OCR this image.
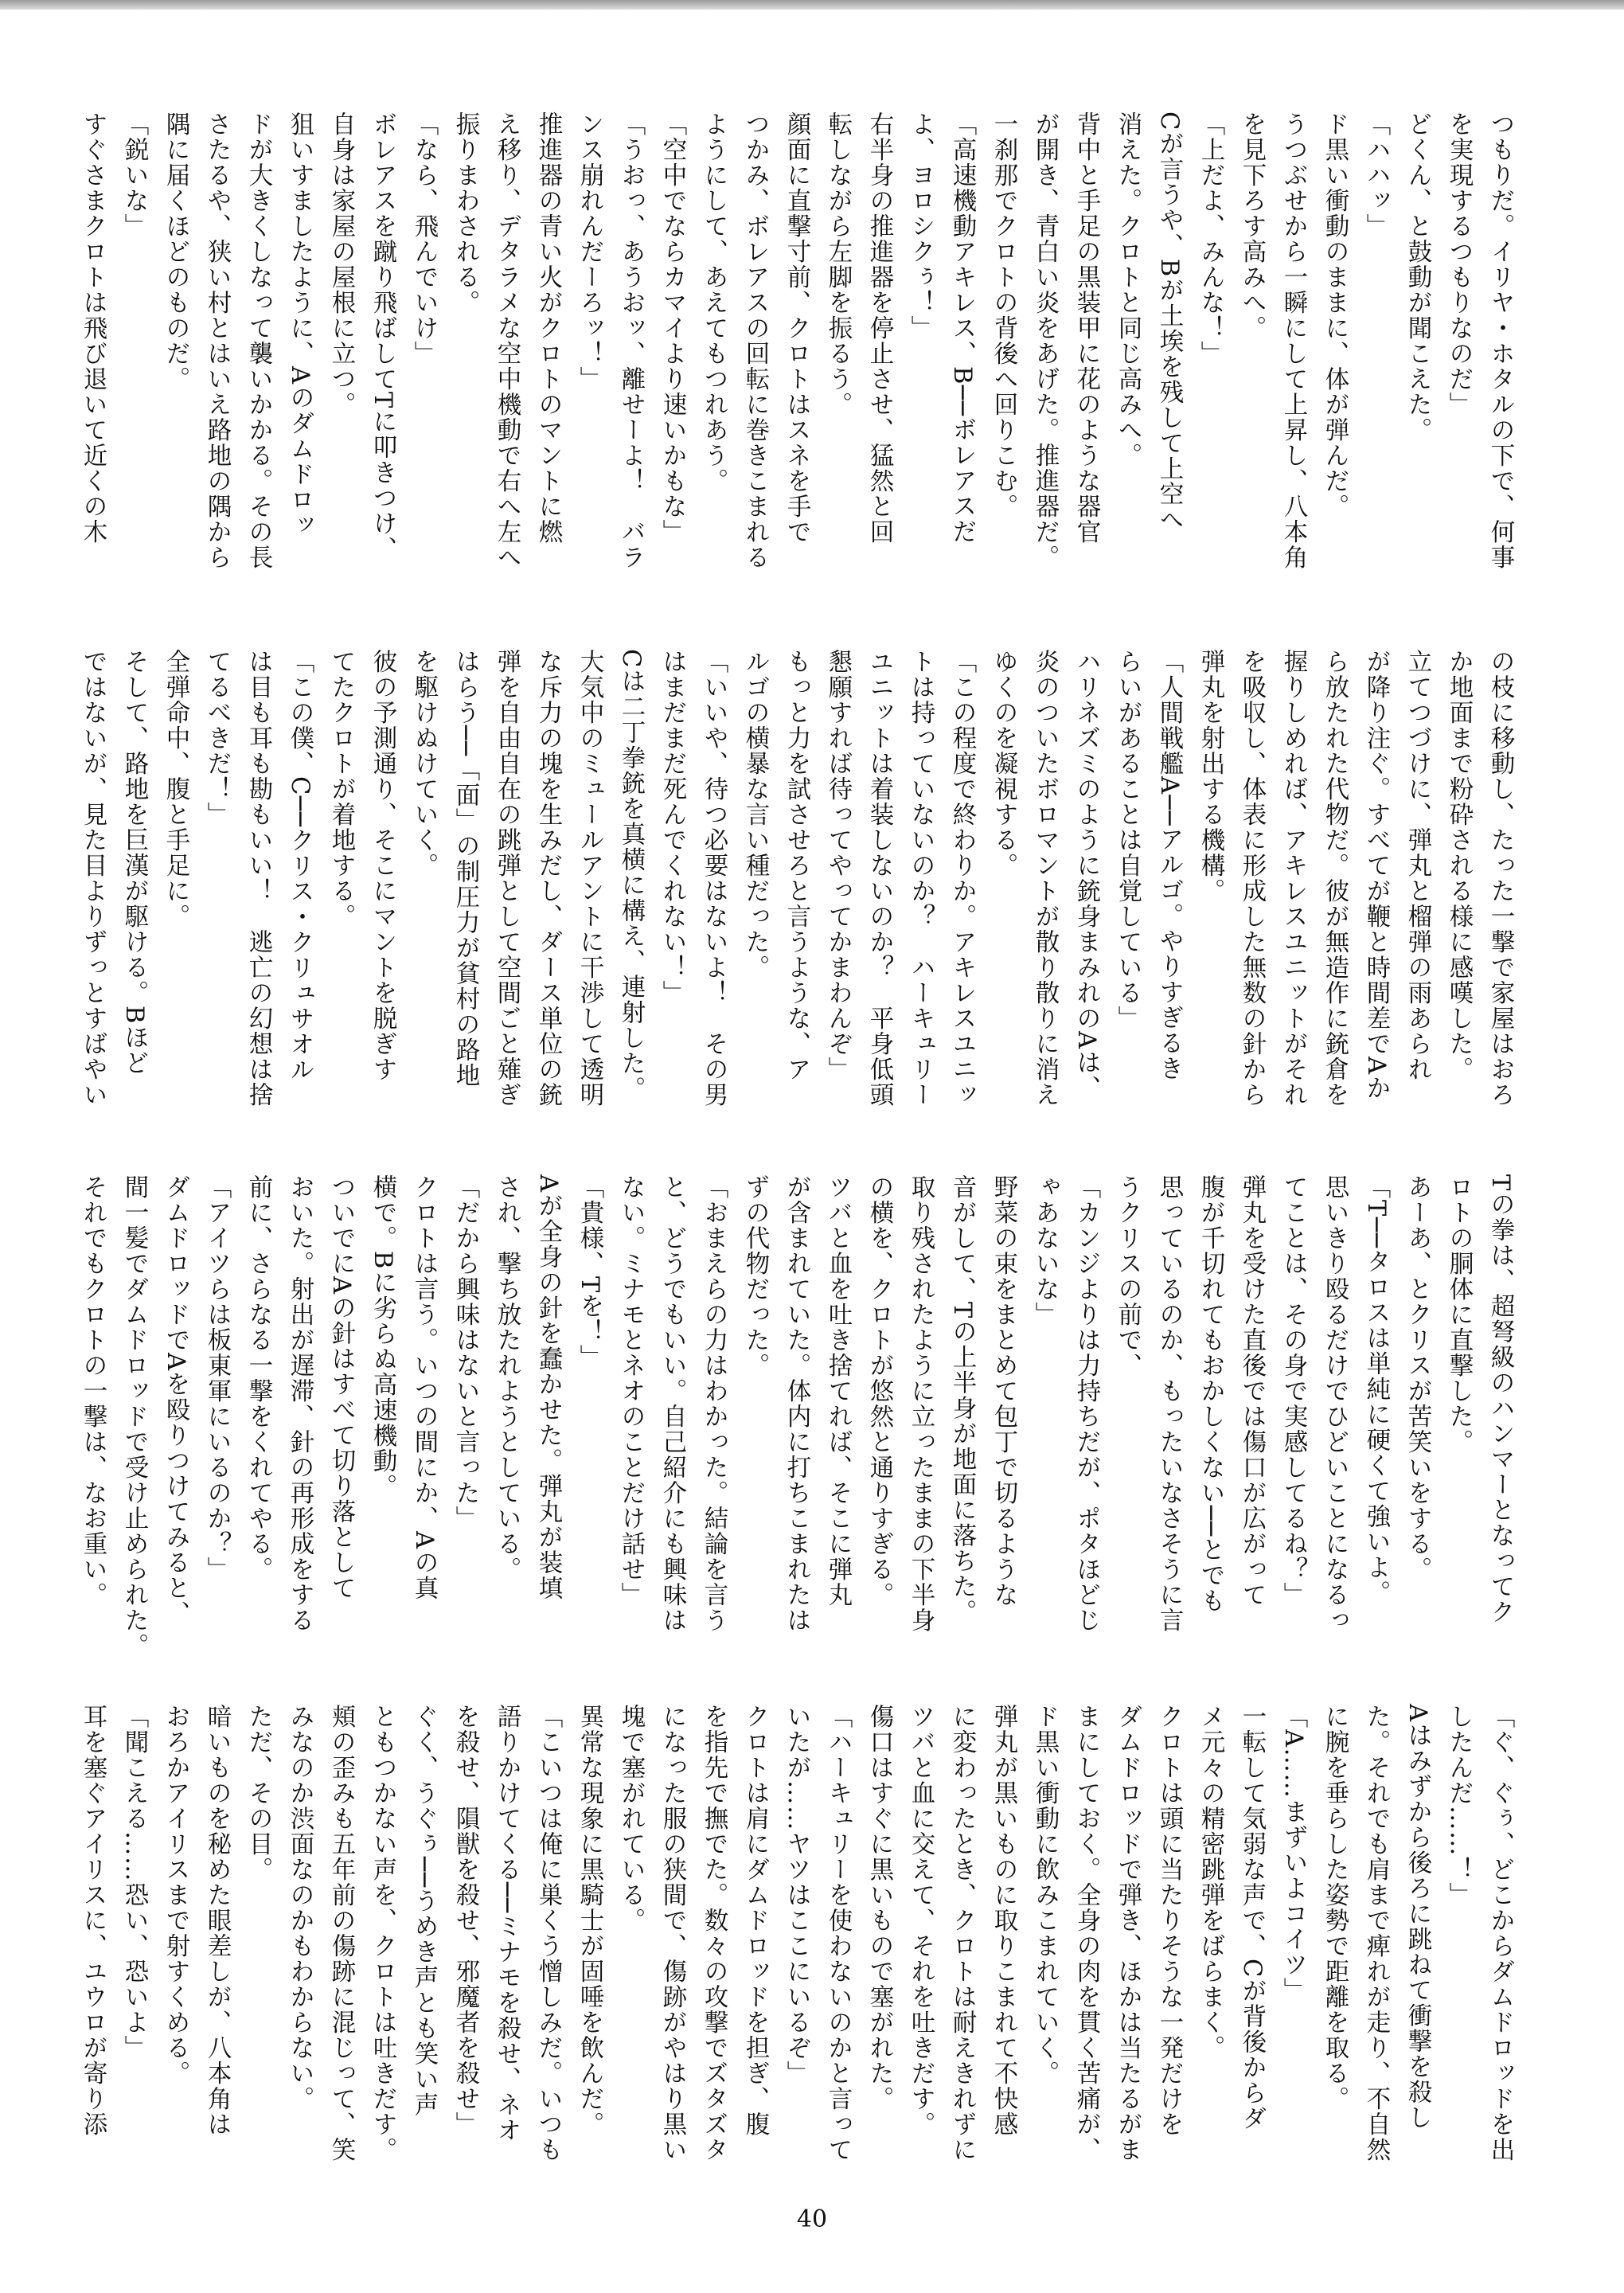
つもりだ。イリヤ・ホタルの下で、何事
を実現するつもりなのだ」
どくん、と鼓動が聞こえた。
「ハハッ」
ド黒い衝動のままに、体が弾んだ。
うつぶせから一瞬にして上昇し、八本角
を見下ろす高みへ。
「上だよ、みんな！」
Cが言うや、Bが土埃を残して上空へ
消えた。クロトと同じ高みへ。
背中と手足の黒装甲に花のような器官
が開き、青白い炎をあげた。推進器だ。
一刹那でクロトの背後へ回りこむ。
「高速機動アキレス、B──ボレアスだ
よ、ヨロシクぅ！」
右半身の推進器を停止させ、猛然と回
転しながら左脚を振るう。
顔面に直撃寸前、クロトはスネを手で
つかみ、ボレアスの回転に巻きこまれる
ようにして、あえてもつれあう。
「空中でならカマイより速いかもな」
「うおっ、あうおッ、離せーよ！　バラ
ンス崩れんだーろッ！」
推進器の青い火がクロトのマントに燃
え移り、デタラメな空中機動で右へ左へ
振りまわされる。
「なら、飛んでいけ」
ボレアスを蹴り飛ばしてTに叩きつけ、
自身は家屋の屋根に立つ。
狙いすましたように、Aのダムドロッ
ドが大きくしなって襲いかかる。その長
さたるや、狭い村とはいえ路地の隅から
隅に届くほどのものだ。
「鋭いな」
すぐさまクロトは飛び退いて近くの木
の枝に移動し、たった一撃で家屋はおろ
か地面まで粉砕される様に感嘆した。
立てつづけに、弾丸と榴弾の雨あられ
が降り注ぐ。すべてが鞭と時間差でAか
ら放たれた代物だ。彼が無造作に銃倉を
握りしめれば、アキレスユニットがそれ
を吸収し、体表に形成した無数の針から
弾丸を射出する機構。
「人間戦艦A──アルゴ。やりすぎるき
らいがあることは自覚している」
ハリネズミのように銃身まみれのAは、
炎のついたボロマントが散り散りに消え
ゆくのを凝視する。
「この程度で終わりか。アキレスユニッ
トは持っていないのか？　ハーキュリー
ユニットは着装しないのか？　平身低頭
懇願すれば待ってやってかまわんぞ」
もっと力を試させろと言うような、ア
ルゴの横暴な言い種だった。
「いいや、待つ必要はないよ！　その男
はまだまだ死んでくれない！」
Cは二丁拳銃を真横に構え、連射した。
大気中のミュールアントに干渉して透明
な斥力の塊を生みだし、ダース単位の銃
弾を自由自在の跳弾として空間ごと薙ぎ
はらう──「面」の制圧力が貧村の路地
を駆けぬけていく。
彼の予測通り、そこにマントを脱ぎす
てたクロトが着地する。
「この僕、C──クリス・クリュサオル
は目も耳も勘もいい！　逃亡の幻想は捨
てるべきだ！」
全弾命中、腹と手足に。
そして、路地を巨漢が駆ける。Bほど
ではないが、見た目よりずっとすばやい
Tの拳は、超弩級のハンマーとなってク
ロトの胴体に直撃した。
あーあ、とクリスが苦笑いをする。
「T──タロスは単純に硬くて強いよ。
思いきり殴るだけでひどいことになるっ
てことは、その身で実感してるね？」
弾丸を受けた直後では傷口が広がって
腹が千切れてもおかしくない──とでも
思っているのか、もったいなさそうに言
うクリスの前で、
「カンジよりは力持ちだが、ポタほどじ
ゃあないな」
野菜の束をまとめて包丁で切るような
音がして、Tの上半身が地面に落ちた。
取り残されたように立ったままの下半身
の横を、クロトが悠然と通りすぎる。
ツバと血を吐き捨てれば、そこに弾丸
が含まれていた。体内に打ちこまれたは
ずの代物だった。
「おまえらの力はわかった。結論を言う
と、どうでもいい。自己紹介にも興味は
ない。ミナモとネオのことだけ話せ」
「貴様、Tを！」
Aが全身の針を蠢かせた。弾丸が装填
され、撃ち放たれようとしている。
「だから興味はないと言った」
クロトは言う。いつの間にか、Aの真
横で。Bに劣らぬ高速機動。
ついでにAの針はすべて切り落として
おいた。射出が遅滞、針の再形成をする
前に、さらなる一撃をくれてやる。
「アイツらは板東軍にいるのか？」
ダムドロッドでAを殴りつけてみると、
間一髪でダムドロッドで受け止められた。
それでもクロトの一撃は、なお重い。
「ぐ、ぐぅ、どこからダムドロッドを出
したんだ……！」
Aはみずから後ろに跳ねて衝撃を殺し
た。それでも肩まで痺れが走り、不自然
に腕を垂らした姿勢で距離を取る。
「A……まずいよコイツ」
一転して気弱な声で、Cが背後からダ
メ元々の精密跳弾をばらまく。
クロトは頭に当たりそうな一発だけを
ダムドロッドで弾き、ほかは当たるがま
まにしておく。全身の肉を貫く苦痛が、
ド黒い衝動に飲みこまれていく。
弾丸が黒いものに取りこまれて不快感
に変わったとき、クロトは耐えきれずに
ツバと血に交えて、それを吐きだす。
傷口はすぐに黒いもので塞がれた。
「ハーキュリーを使わないのかと言って
いたが……ヤツはここにいるぞ」
クロトは肩にダムドロッドを担ぎ、腹
を指先で撫でた。数々の攻撃でズタズタ
になった服の狭間で、傷跡がやはり黒い
塊で塞がれている。
異常な現象に黒騎士が固唾を飲んだ。
「こいつは俺に巣くう憎しみだ。いつも
語りかけてくる──ミナモを殺せ、ネオ
を殺せ、隕獣を殺せ、邪魔者を殺せ」
ぐく、うぐぅ──うめき声とも笑い声
ともつかない声を、クロトは吐きだす。
頬の歪みも五年前の傷跡に混じって、笑
みなのか渋面なのかもわからない。
ただ、その目。
暗いものを秘めた眼差しが、八本角は
おろかアイリスまで射すくめる。
「聞こえる……恐い、恐いよ」
耳を塞ぐアイリスに、ユウロが寄り添
40
